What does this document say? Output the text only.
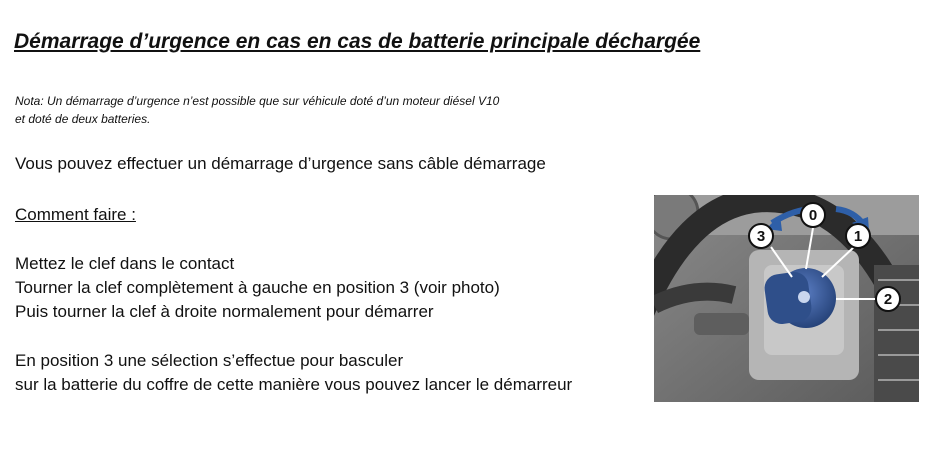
Démarrage d’urgence en cas en cas de batterie principale déchargée
Nota: Un démarrage d’urgence n’est possible que sur véhicule doté d’un moteur diésel V10
et doté de deux batteries.
Vous pouvez effectuer un démarrage d’urgence sans câble démarrage
Comment faire :
Mettez le clef dans le contact
Tourner la clef complètement à gauche en position 3 (voir photo)
Puis tourner la clef à droite normalement pour démarrer
En position 3 une sélection s’effectue pour basculer
sur la batterie du coffre de cette manière vous pouvez lancer le démarreur
3
0
1
2
